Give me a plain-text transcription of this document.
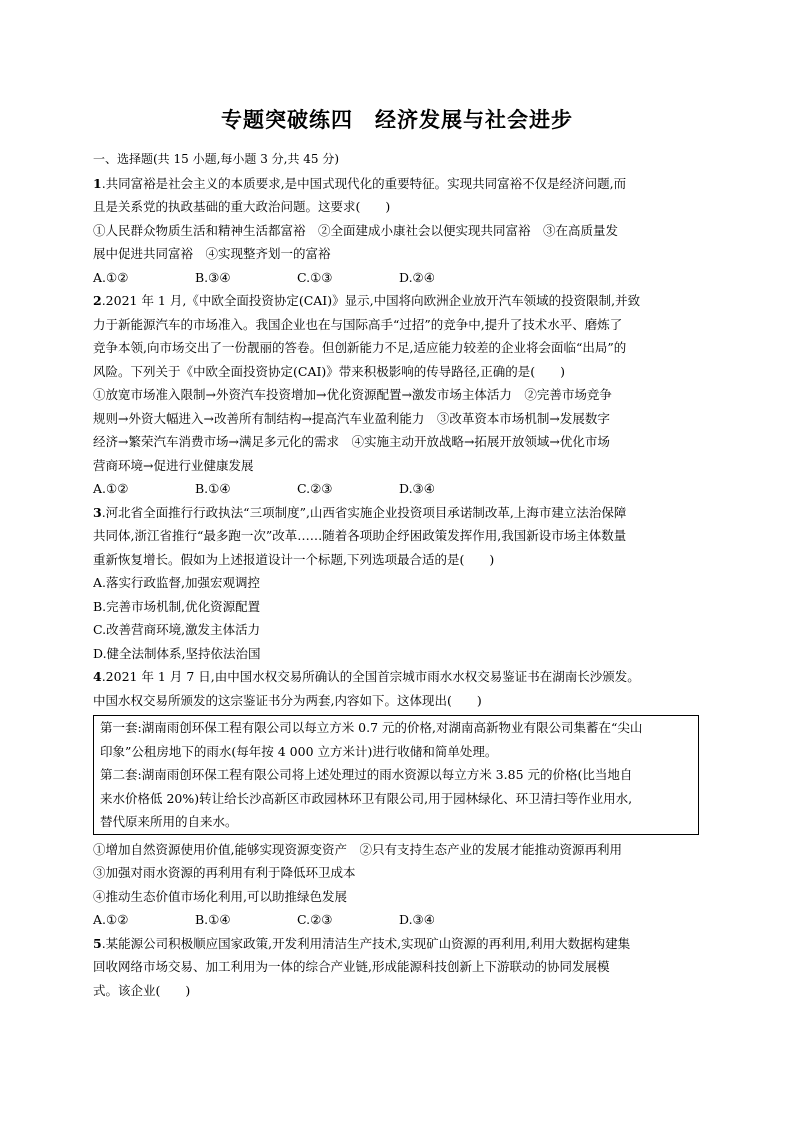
专题突破练四　经济发展与社会进步
一、选择题(共 15 小题,每小题 3 分,共 45 分)
1.共同富裕是社会主义的本质要求,是中国式现代化的重要特征。实现共同富裕不仅是经济问题,而
且是关系党的执政基础的重大政治问题。这要求(　　)
①人民群众物质生活和精神生活都富裕　②全面建成小康社会以便实现共同富裕　③在高质量发
展中促进共同富裕　④实现整齐划一的富裕
A.①②	B.③④	C.①③	D.②④
2.2021 年 1 月,《中欧全面投资协定(CAI)》显示,中国将向欧洲企业放开汽车领域的投资限制,并致
力于新能源汽车的市场准入。我国企业也在与国际高手“过招”的竞争中,提升了技术水平、磨炼了
竞争本领,向市场交出了一份靓丽的答卷。但创新能力不足,适应能力较差的企业将会面临“出局”的
风险。下列关于《中欧全面投资协定(CAI)》带来积极影响的传导路径,正确的是(　　)
①放宽市场准入限制→外资汽车投资增加→优化资源配置→激发市场主体活力　②完善市场竞争
规则→外资大幅进入→改善所有制结构→提高汽车业盈利能力　③改革资本市场机制→发展数字
经济→繁荣汽车消费市场→满足多元化的需求　④实施主动开放战略→拓展开放领域→优化市场
营商环境→促进行业健康发展
A.①②	B.①④	C.②③	D.③④
3.河北省全面推行行政执法“三项制度”,山西省实施企业投资项目承诺制改革,上海市建立法治保障
共同体,浙江省推行“最多跑一次”改革……随着各项助企纾困政策发挥作用,我国新设市场主体数量
重新恢复增长。假如为上述报道设计一个标题,下列选项最合适的是(　　)
A.落实行政监督,加强宏观调控
B.完善市场机制,优化资源配置
C.改善营商环境,激发主体活力
D.健全法制体系,坚持依法治国
4.2021 年 1 月 7 日,由中国水权交易所确认的全国首宗城市雨水水权交易鉴证书在湖南长沙颁发。
中国水权交易所颁发的这宗鉴证书分为两套,内容如下。这体现出(　　)
第一套:湖南雨创环保工程有限公司以每立方米 0.7 元的价格,对湖南高新物业有限公司集蓄在“尖山
印象”公租房地下的雨水(每年按 4 000 立方米计)进行收储和简单处理。
第二套:湖南雨创环保工程有限公司将上述处理过的雨水资源以每立方米 3.85 元的价格(比当地自
来水价格低 20%)转让给长沙高新区市政园林环卫有限公司,用于园林绿化、环卫清扫等作业用水,
替代原来所用的自来水。
①增加自然资源使用价值,能够实现资源变资产　②只有支持生态产业的发展才能推动资源再利用
③加强对雨水资源的再利用有利于降低环卫成本
④推动生态价值市场化利用,可以助推绿色发展
A.①②	B.①④	C.②③	D.③④
5.某能源公司积极顺应国家政策,开发利用清洁生产技术,实现矿山资源的再利用,利用大数据构建集
回收网络市场交易、加工利用为一体的综合产业链,形成能源科技创新上下游联动的协同发展模
式。该企业(　　)
